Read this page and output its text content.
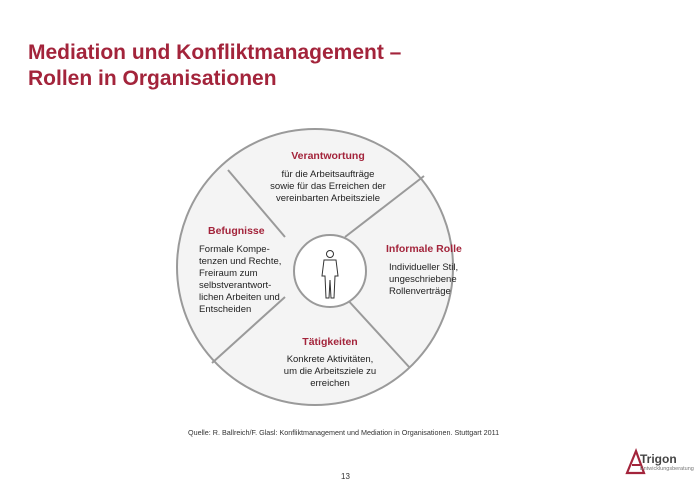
Mediation und Konfliktmanagement –
Rollen in Organisationen
Verantwortung
für die Arbeitsaufträge
sowie für das Erreichen der
vereinbarten Arbeitsziele
Befugnisse
Formale Kompe-
tenzen und Rechte,
Freiraum zum
selbstverantwort-
lichen Arbeiten und
Entscheiden
Informale Rolle
Individueller Stil,
ungeschriebene
Rollenverträge
Tätigkeiten
Konkrete Aktivitäten,
um die Arbeitsziele zu
erreichen
Quelle: R. Ballreich/F. Glasl: Konfliktmanagement und Mediation in Organisationen. Stuttgart 2011
13
Trigon
Entwicklungsberatung
